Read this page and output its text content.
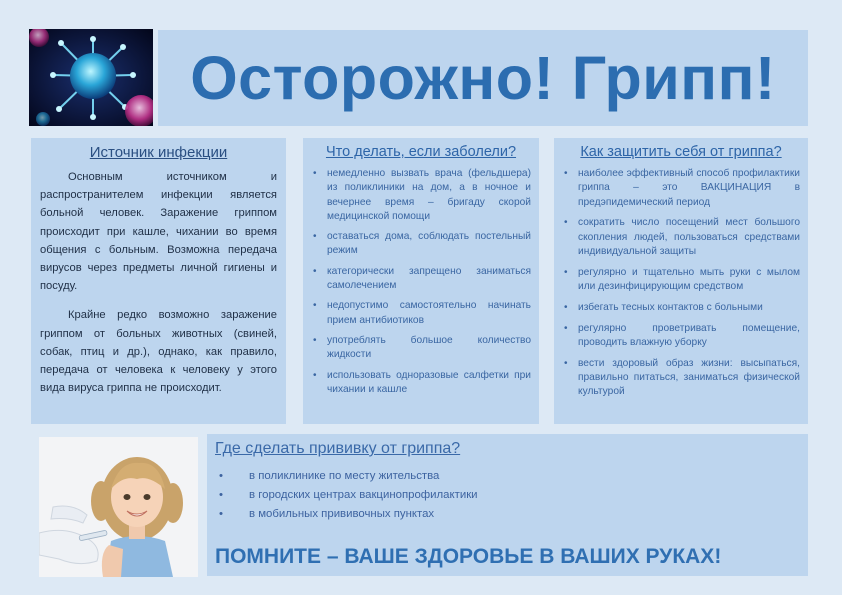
Осторожно! Грипп!
Источник инфекции

Основным источником и распространителем инфекции является больной человек. Заражение гриппом происходит при кашле, чихании во время общения с больным. Возможна передача вирусов через предметы личной гигиены и посуду.

Крайне редко возможно заражение гриппом от больных животных (свиней, собак, птиц и др.), однако, как правило, передача от человека к человеку у этого вида вируса гриппа не происходит.

Что делать, если заболели?
• немедленно вызвать врача (фельдшера) из поликлиники на дом, а в ночное и вечернее время – бригаду скорой медицинской помощи
• оставаться дома, соблюдать постельный режим
• категорически запрещено заниматься самолечением
• недопустимо самостоятельно начинать прием антибиотиков
• употреблять большое количество жидкости
• использовать одноразовые салфетки при чихании и кашле
Как защитить себя от гриппа?
• наиболее эффективный способ профилактики гриппа – это ВАКЦИНАЦИЯ в предэпидемический период
• сократить число посещений мест большого скопления людей, пользоваться средствами индивидуальной защиты
• регулярно и тщательно мыть руки с мылом или дезинфицирующим средством
• избегать тесных контактов с больными
• регулярно проветривать помещение, проводить влажную уборку
• вести здоровый образ жизни: высыпаться, правильно питаться, заниматься физической культурой
Где сделать прививку от гриппа?
• в поликлинике по месту жительства
• в городских центрах вакцинопрофилактики
• в мобильных прививочных пунктах
ПОМНИТЕ – ВАШЕ ЗДОРОВЬЕ В ВАШИХ РУКАХ!
